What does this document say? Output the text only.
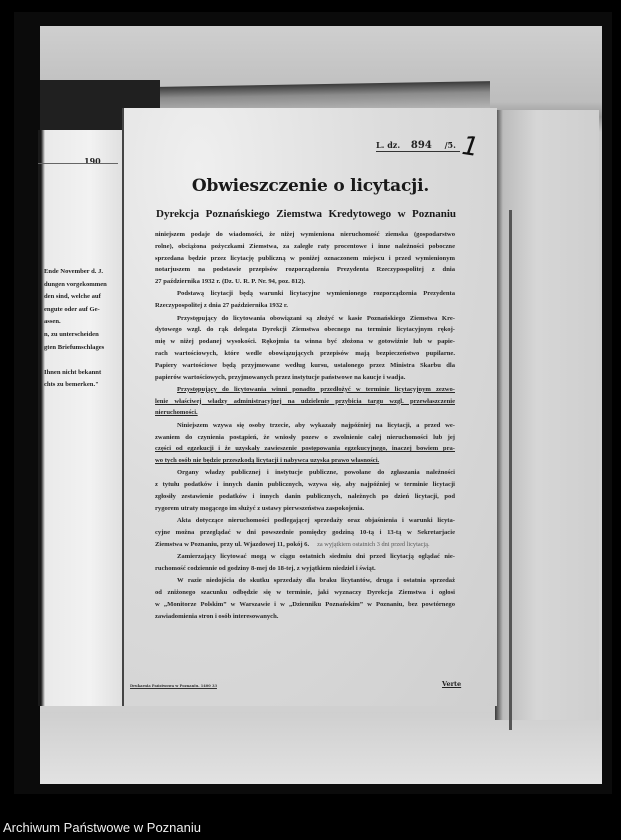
190
Ende November d. J.
dungen vorgekommen
den sind, welche auf
engute oder auf Ge-
assen.
n, zu unterscheiden
gten Briefumschlages

Ihnen nicht bekannt
chts zu bemerken."
L. dz. 894 /5. 1
Obwieszczenie o licytacji.
Dyrekcja Poznańskiego Ziemstwa Kredytowego w Poznaniu
niniejszem podaje do wiadomości, że niżej wymieniona nieruchomość ziemska (gospodarstwo
rolne), obciążona pożyczkami Ziemstwa, za zaległe raty procentowe i inne należności poboczne
sprzedana będzie przez licytację publiczną w poniżej oznaczonem miejscu i przed wymienionym
notarjuszem na podstawie przepisów rozporządzenia Prezydenta Rzeczypospolitej z dnia
27 października 1932 r. (Dz. U. R. P. Nr. 94, poz. 812).
Podstawą licytacji będą warunki licytacyjne wymienionego rozporządzenia Prezydenta
Rzeczypospolitej z dnia 27 października 1932 r.
Przystępujący do licytowania obowiązani są złożyć w kasie Poznańskiego Ziemstwa Kre-
dytowego wzgl. do rąk delegata Dyrekcji Ziemstwa obecnego na terminie licytacyjnym rękoj-
mię w niżej podanej wysokości. Rękojmia ta winna być złożona w gotowiźnie lub w papie-
rach wartościowych, które wedle obowiązujących przepisów mają bezpieczeństwo pupilarne.
Papiery wartościowe będą przyjmowane według kursu, ustalonego przez Ministra Skarbu dla
papierów wartościowych, przyjmowanych przez instytucje państwowe na kaucje i wadja.
Przystępujący do licytowania winni ponadto przedłożyć w terminie licytacyjnym zezwo-
lenie właściwej władzy administracyjnej na udzielenie przybicia targu wzgl. przewłaszczenie
nieruchomości.
Niniejszem wzywa się osoby trzecie, aby wykazały najpóźniej na licytacji, a przed we-
zwaniem do czynienia postąpień, że wniosły pozew o zwolnienie całej nieruchomości lub jej
części od egzekucji i że uzyskały zawieszenie postępowania egzekucyjnego, inaczej bowiem pra-
wo tych osób nie będzie przeszkodą licytacji i nabywca uzyska prawo własności.
Organy władzy publicznej i instytucje publiczne, powołane do zgłaszania należności
z tytułu podatków i innych danin publicznych, wzywa się, aby najpóźniej w terminie licytacji
zgłosiły zestawienie podatków i innych danin publicznych, należnych po dzień licytacji, pod
rygorem utraty mogącego im służyć z ustawy pierwszeństwa zaspokojenia.
Akta dotyczące nieruchomości podlegającej sprzedaży oraz objaśnienia i warunki licyta-
cyjne można przeglądać w dni powszednie pomiędzy godziną 10-tą i 13-tą w Sekretarjacie
Ziemstwa w Poznaniu, przy ul. Wjazdowej 11, pokój 6. za wyjątkiem ostatnich 3 dni przed licytacją.
Zamierzający licytować mogą w ciągu ostatnich siedmiu dni przed licytacją oglądać nie-
ruchomość codziennie od godziny 8-mej do 18-tej, z wyjątkiem niedziel i świąt.
W razie niedojścia do skutku sprzedaży dla braku licytantów, druga i ostatnia sprzedaż
od zniżonego szacunku odbędzie się w terminie, jaki wyznaczy Dyrekcja Ziemstwa i ogłosi
w „Monitorze Polskim” w Warszawie i w „Dzienniku Poznańskim” w Poznaniu, bez powtórnego
zawiadomienia stron i osób interesowanych.
Drukarnia Państwowa w Poznaniu. 1400 33	Verte
Archiwum Państwowe w Poznaniu
